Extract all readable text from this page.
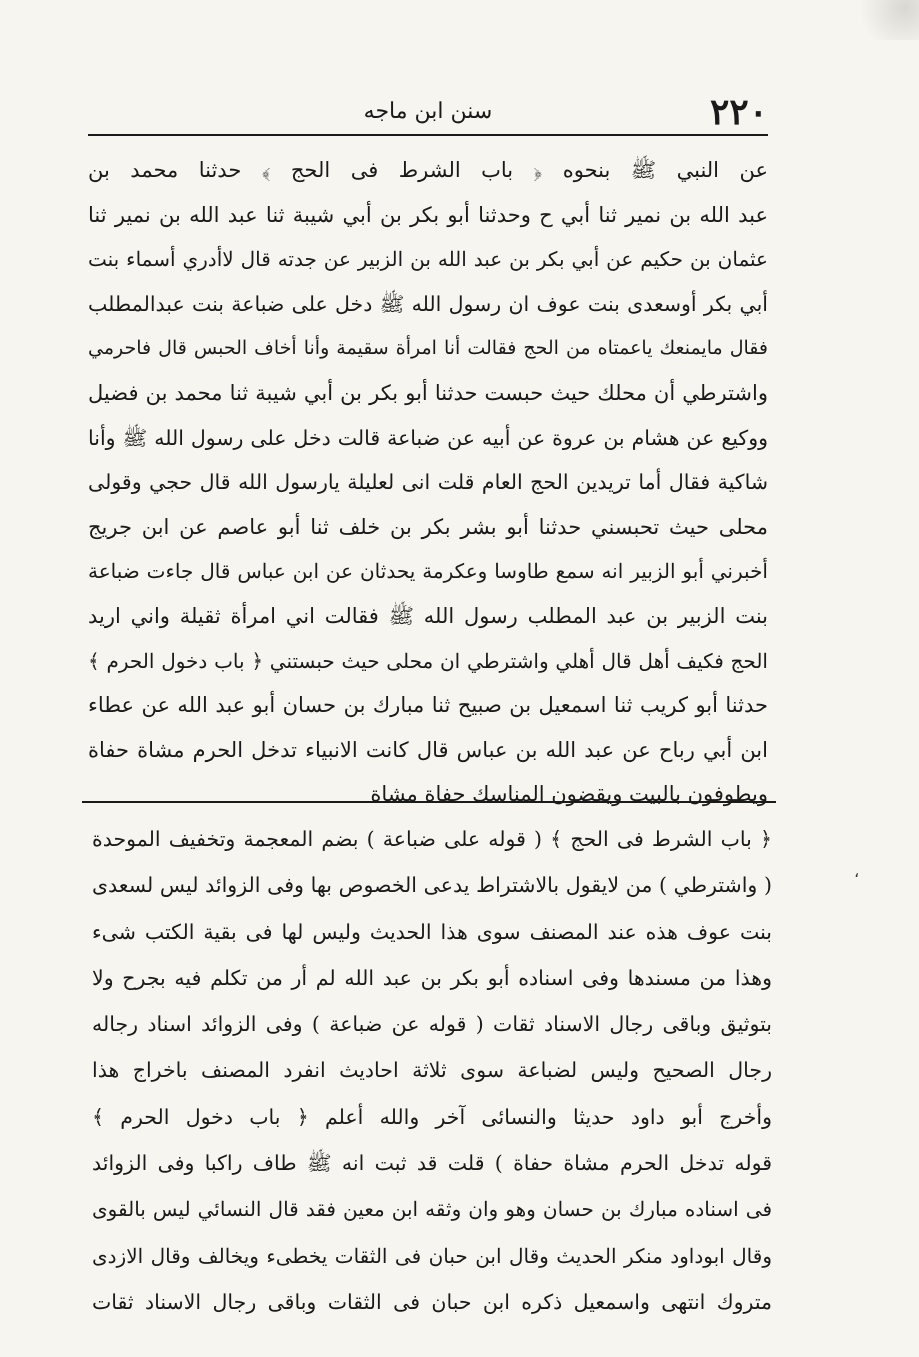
٢٢٠
سنن ابن ماجه
عن النبي ﷺ بنحوه ﴿ باب الشرط فى الحج ﴾ حدثنا محمد بن
عبد الله بن نمير ثنا أبي ح وحدثنا أبو بكر بن أبي شيبة ثنا عبد الله بن نمير ثنا
عثمان بن حكيم عن أبي بكر بن عبد الله بن الزبير عن جدته قال لاأدري أسماء بنت
أبي بكر أوسعدى بنت عوف ان رسول الله ﷺ دخل على ضباعة بنت عبدالمطلب
فقال مايمنعك ياعمتاه من الحج فقالت أنا امرأة سقيمة وأنا أخاف الحبس قال فاحرمي
واشترطي أن محلك حيث حبست حدثنا أبو بكر بن أبي شيبة ثنا محمد بن فضيل
ووكيع عن هشام بن عروة عن أبيه عن ضباعة قالت دخل على رسول الله ﷺ وأنا
شاكية فقال أما تريدين الحج العام قلت انى لعليلة يارسول الله قال حجي وقولى
محلى حيث تحبسني حدثنا أبو بشر بكر بن خلف ثنا أبو عاصم عن ابن جريج
أخبرني أبو الزبير انه سمع طاوسا وعكرمة يحدثان عن ابن عباس قال جاءت ضباعة
بنت الزبير بن عبد المطلب رسول الله ﷺ فقالت اني امرأة ثقيلة واني اريد
الحج فكيف أهل قال أهلي واشترطي ان محلى حيث حبستني ﴿ باب دخول الحرم ﴾
حدثنا أبو كريب ثنا اسمعيل بن صبيح ثنا مبارك بن حسان أبو عبد الله عن عطاء
ابن أبي رباح عن عبد الله بن عباس قال كانت الانبياء تدخل الحرم مشاة حفاة
ويطوفون بالبيت ويقضون المناسك حفاة مشاة
﴿ باب الشرط فى الحج ﴾ ( قوله على ضباعة ) بضم المعجمة وتخفيف الموحدة
( واشترطي ) من لايقول بالاشتراط يدعى الخصوص بها وفى الزوائد ليس لسعدى
بنت عوف هذه عند المصنف سوى هذا الحديث وليس لها فى بقية الكتب شىء
وهذا من مسندها وفى اسناده أبو بكر بن عبد الله لم أر من تكلم فيه بجرح ولا
بتوثيق وباقى رجال الاسناد ثقات ( قوله عن ضباعة ) وفى الزوائد اسناد رجاله
رجال الصحيح وليس لضباعة سوى ثلاثة احاديث انفرد المصنف باخراج هذا
وأخرج أبو داود حديثا والنسائى آخر والله أعلم ﴿ باب دخول الحرم ﴾
قوله تدخل الحرم مشاة حفاة ) قلت قد ثبت انه ﷺ طاف راكبا وفى الزوائد
فى اسناده مبارك بن حسان وهو وان وثقه ابن معين فقد قال النسائي ليس بالقوى
وقال ابوداود منكر الحديث وقال ابن حبان فى الثقات يخطىء ويخالف وقال الازدى
متروك انتهى واسمعيل ذكره ابن حبان فى الثقات وباقى رجال الاسناد ثقات
،
